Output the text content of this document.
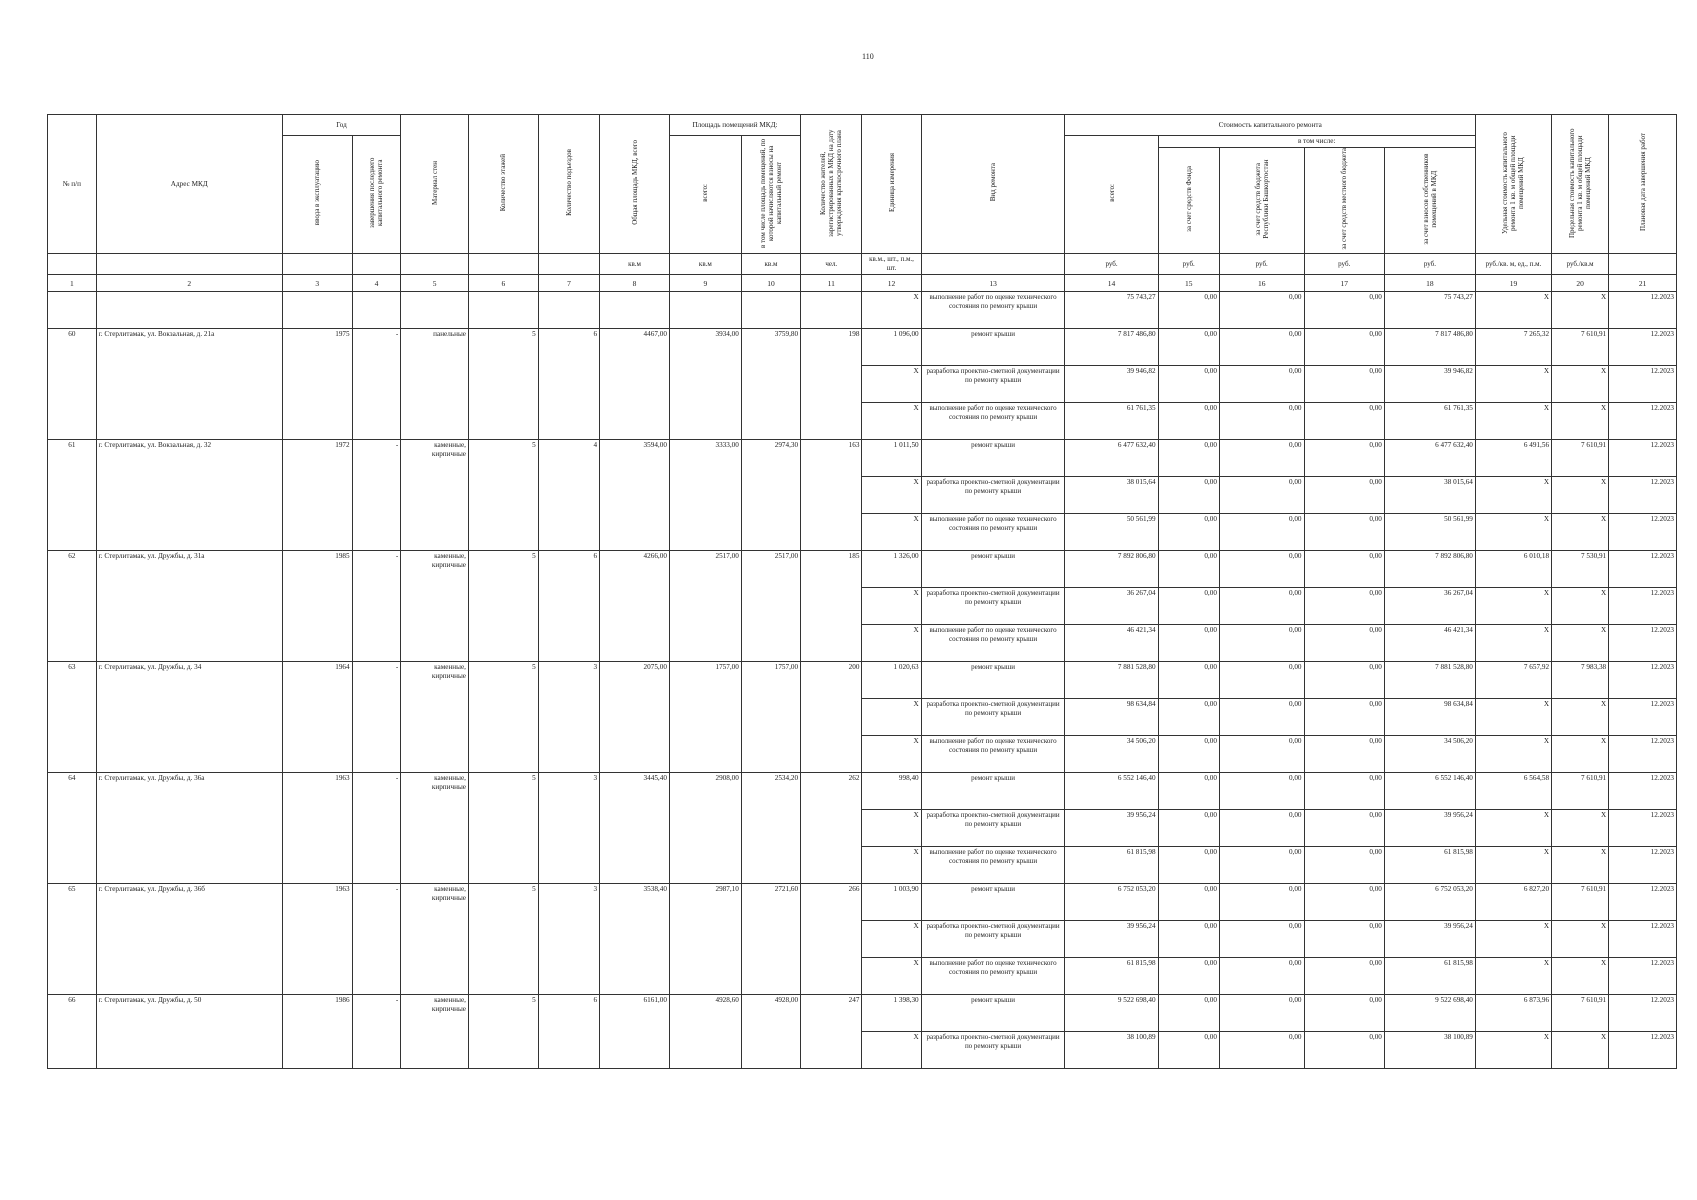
110
№ п/п	Адрес МКД	Год		Материал стен	Количество этажей	Количество подъездов	Общая площадь МКД, всего	Площадь помещений МКД:		Количество жителей, зарегистрированных в МКД на дату утверждения краткосрочного плана	Единица измерения	Вид ремонта	Стоимость капитального ремонта					Удельная стоимость капитального ремонта 1 кв. м общей площади помещений МКД	Предельная стоимость капитального ремонта 1 кв. м общей площади помещений МКД	Плановая дата завершения работ
		ввода в эксплуатацию	завершения последнего капитального ремонта					всего:	в том числе площадь помещений, по которой начисляются взносы на капитальный ремонт				всего:	в том числе:						
														за счет средств Фонда	за счет средств бюджета Республики Башкортостан	за счет средств местного бюджета	за счет взносов собственников помещений в МКД			
							кв.м	кв.м	кв.м	чел.	кв.м., шт., п.м., шт.		руб.	руб.	руб.	руб.	руб.	руб./кв. м, ед., п.м.	руб./кв.м	
1	2	3	4	5	6	7	8	9	10	11	12	13	14	15	16	17	18	19	20	21
											X	выполнение работ по оценке технического состояния по ремонту крыши	75 743,27	0,00	0,00	0,00	75 743,27	X	X	12.2023
60	г. Стерлитамак, ул. Вокзальная, д. 21а	1975	-	панельные	5	6	4467,00	3934,00	3759,80	198	1 096,00	ремонт крыши	7 817 486,80	0,00	0,00	0,00	7 817 486,80	7 265,32	7 610,91	12.2023
											X	разработка проектно-сметной документации по ремонту крыши	39 946,82	0,00	0,00	0,00	39 946,82	X	X	12.2023
											X	выполнение работ по оценке технического состояния по ремонту крыши	61 761,35	0,00	0,00	0,00	61 761,35	X	X	12.2023
61	г. Стерлитамак, ул. Вокзальная, д. 32	1972	-	каменные, кирпичные	5	4	3594,00	3333,00	2974,30	163	1 011,50	ремонт крыши	6 477 632,40	0,00	0,00	0,00	6 477 632,40	6 491,56	7 610,91	12.2023
											X	разработка проектно-сметной документации по ремонту крыши	38 015,64	0,00	0,00	0,00	38 015,64	X	X	12.2023
											X	выполнение работ по оценке технического состояния по ремонту крыши	50 561,99	0,00	0,00	0,00	50 561,99	X	X	12.2023
62	г. Стерлитамак, ул. Дружбы, д. 31а	1985	-	каменные, кирпичные	5	6	4266,00	2517,00	2517,00	185	1 326,00	ремонт крыши	7 892 806,80	0,00	0,00	0,00	7 892 806,80	6 010,18	7 530,91	12.2023
											X	разработка проектно-сметной документации по ремонту крыши	36 267,04	0,00	0,00	0,00	36 267,04	X	X	12.2023
											X	выполнение работ по оценке технического состояния по ремонту крыши	46 421,34	0,00	0,00	0,00	46 421,34	X	X	12.2023
63	г. Стерлитамак, ул. Дружбы, д. 34	1964	-	каменные, кирпичные	5	3	2075,00	1757,00	1757,00	200	1 020,63	ремонт крыши	7 881 528,80	0,00	0,00	0,00	7 881 528,80	7 657,92	7 983,38	12.2023
											X	разработка проектно-сметной документации по ремонту крыши	98 634,84	0,00	0,00	0,00	98 634,84	X	X	12.2023
											X	выполнение работ по оценке технического состояния по ремонту крыши	34 506,20	0,00	0,00	0,00	34 506,20	X	X	12.2023
64	г. Стерлитамак, ул. Дружбы, д. 36а	1963	-	каменные, кирпичные	5	3	3445,40	2908,00	2534,20	262	998,40	ремонт крыши	6 552 146,40	0,00	0,00	0,00	6 552 146,40	6 564,58	7 610,91	12.2023
											X	разработка проектно-сметной документации по ремонту крыши	39 956,24	0,00	0,00	0,00	39 956,24	X	X	12.2023
											X	выполнение работ по оценке технического состояния по ремонту крыши	61 815,98	0,00	0,00	0,00	61 815,98	X	X	12.2023
65	г. Стерлитамак, ул. Дружбы, д. 36б	1963	-	каменные, кирпичные	5	3	3538,40	2987,10	2721,60	266	1 003,90	ремонт крыши	6 752 053,20	0,00	0,00	0,00	6 752 053,20	6 827,20	7 610,91	12.2023
											X	разработка проектно-сметной документации по ремонту крыши	39 956,24	0,00	0,00	0,00	39 956,24	X	X	12.2023
											X	выполнение работ по оценке технического состояния по ремонту крыши	61 815,98	0,00	0,00	0,00	61 815,98	X	X	12.2023
66	г. Стерлитамак, ул. Дружбы, д. 50	1986	-	каменные, кирпичные	5	6	6161,00	4928,60	4928,00	247	1 398,30	ремонт крыши	9 522 698,40	0,00	0,00	0,00	9 522 698,40	6 873,96	7 610,91	12.2023
											X	разработка проектно-сметной документации по ремонту крыши	38 100,89	0,00	0,00	0,00	38 100,89	X	X	12.2023
